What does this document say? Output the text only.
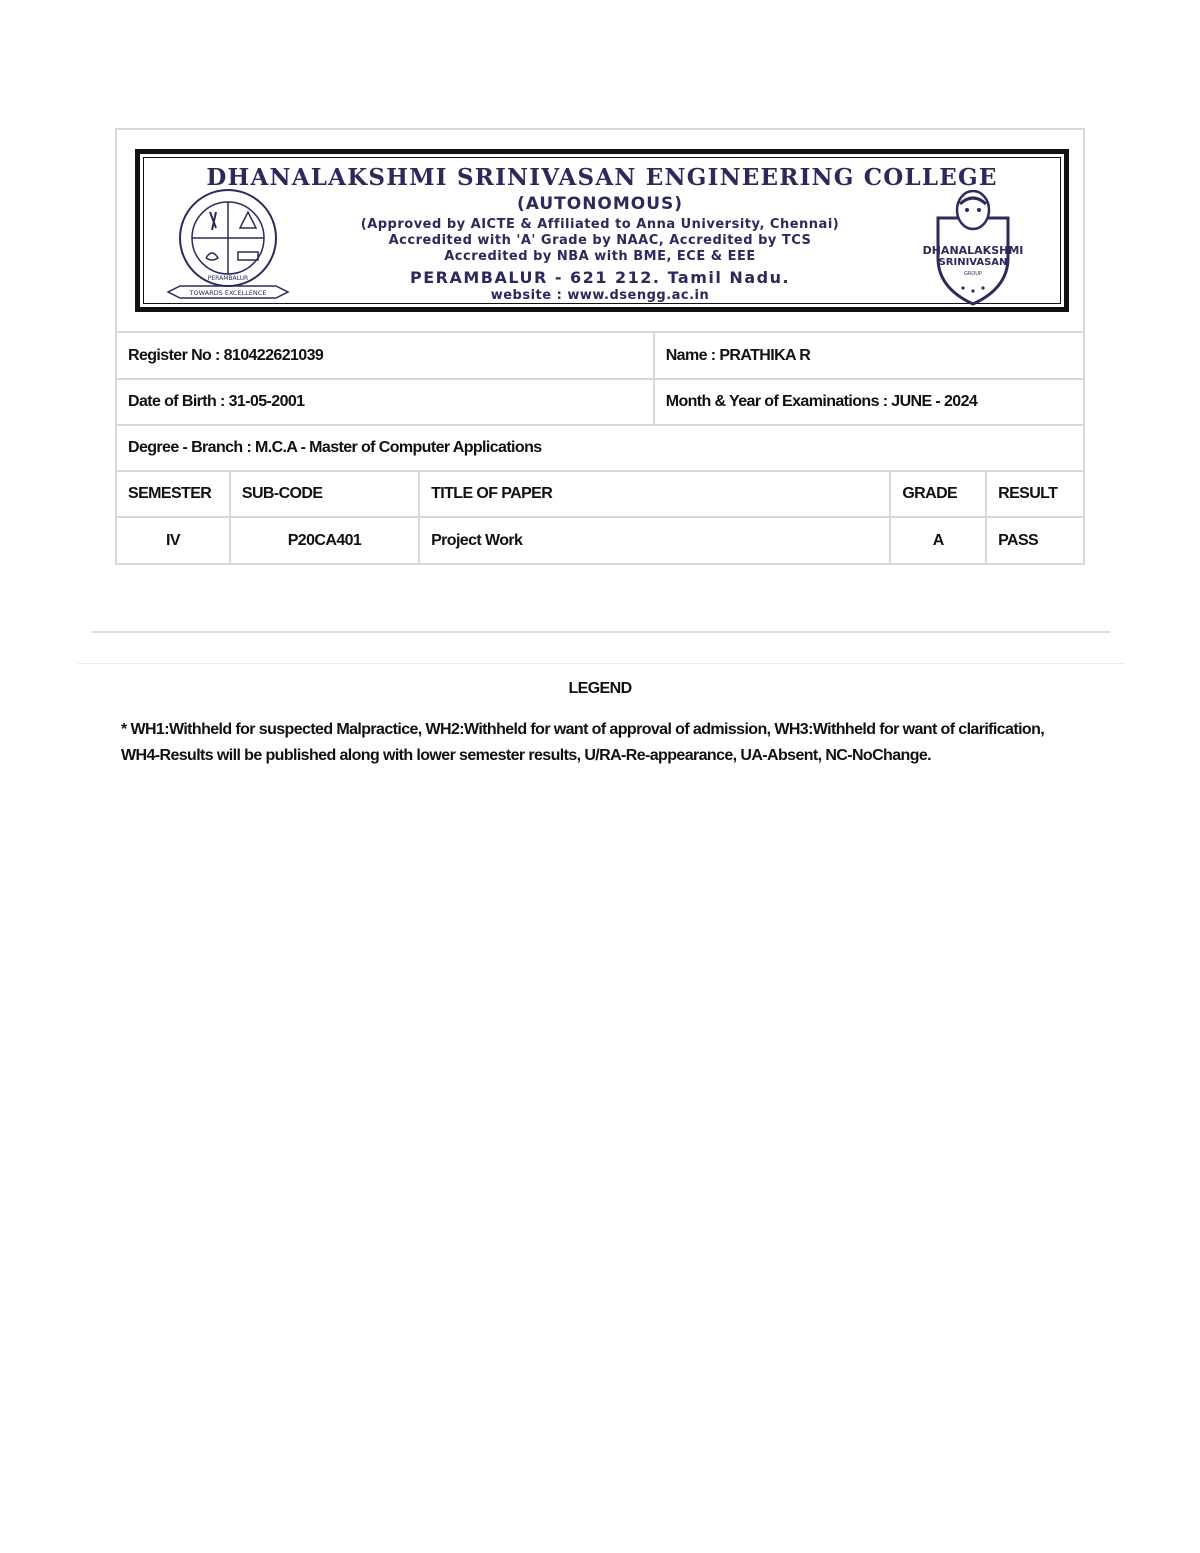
PERAMBALUR
TOWARDS EXCELLENCE
DHANALAKSHMI SRINIVASAN ENGINEERING COLLEGE
(AUTONOMOUS)
(Approved by AICTE & Affiliated to Anna University, Chennai)
Accredited with 'A' Grade by NAAC, Accredited by TCS
Accredited by NBA with BME, ECE & EEE
PERAMBALUR - 621 212. Tamil Nadu.
website : www.dsengg.ac.in
DHANALAKSHMI
SRINIVASAN
GROUP
Register No : 810422621039			Name : PRATHIKA R		
Date of Birth : 31-05-2001			Month & Year of Examinations : JUNE - 2024		
Degree - Branch : M.C.A - Master of Computer Applications					
SEMESTER	SUB-CODE	TITLE OF PAPER		GRADE	RESULT
IV	P20CA401	Project Work		A	PASS
LEGEND
* WH1:Withheld for suspected Malpractice, WH2:Withheld for want of approval of admission, WH3:Withheld for want of clarification, WH4-Results will be published along with lower semester results, U/RA-Re-appearance, UA-Absent, NC-NoChange.
